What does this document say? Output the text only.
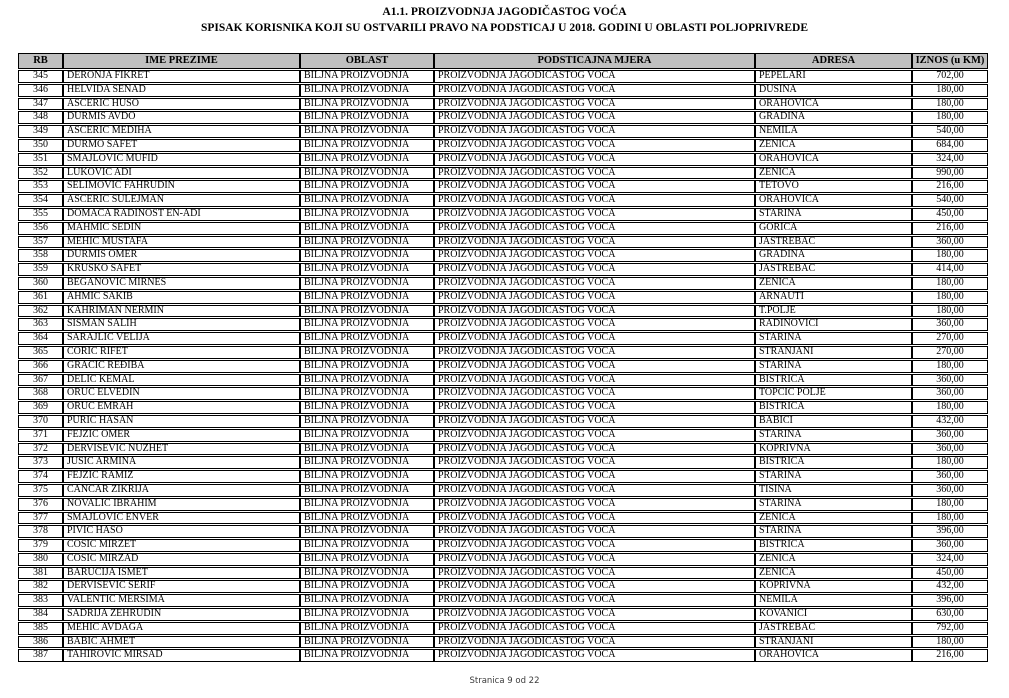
A1.1. PROIZVODNJA JAGODIČASTOG VOĆA
SPISAK KORISNIKA KOJI SU OSTVARILI PRAVO NA PODSTICAJ U 2018. GODINI U OBLASTI POLJOPRIVREDE
RB	IME PREZIME	OBLAST	PODSTICAJNA MJERA	ADRESA	IZNOS (u KM)
345	DERONJA FIKRET	BILJNA PROIZVODNJA	PROIZVODNJA JAGODIČASTOG VOĆA	PEPELARI	702,00
346	HELVIDA SENAD	BILJNA PROIZVODNJA	PROIZVODNJA JAGODIČASTOG VOĆA	DUSINA	180,00
347	AŠĆERIĆ HUSO	BILJNA PROIZVODNJA	PROIZVODNJA JAGODIČASTOG VOĆA	ORAHOVICA	180,00
348	DURMIŠ AVDO	BILJNA PROIZVODNJA	PROIZVODNJA JAGODIČASTOG VOĆA	GRADINA	180,00
349	AŠĆERIĆ MEDIHA	BILJNA PROIZVODNJA	PROIZVODNJA JAGODIČASTOG VOĆA	NEMILA	540,00
350	DURMO SAFET	BILJNA PROIZVODNJA	PROIZVODNJA JAGODIČASTOG VOĆA	ZENICA	684,00
351	SMAJLOVIĆ MUFID	BILJNA PROIZVODNJA	PROIZVODNJA JAGODIČASTOG VOĆA	ORAHOVICA	324,00
352	LUKOVIĆ ADI	BILJNA PROIZVODNJA	PROIZVODNJA JAGODIČASTOG VOĆA	ZENICA	990,00
353	SELIMOVIĆ FAHRUDIN	BILJNA PROIZVODNJA	PROIZVODNJA JAGODIČASTOG VOĆA	TETOVO	216,00
354	AŠĆERIĆ SULEJMAN	BILJNA PROIZVODNJA	PROIZVODNJA JAGODIČASTOG VOĆA	ORAHOVICA	540,00
355	DOMAĆA RADINOST EN-ADI	BILJNA PROIZVODNJA	PROIZVODNJA JAGODIČASTOG VOĆA	STARINA	450,00
356	MAHMIĆ SEDIN	BILJNA PROIZVODNJA	PROIZVODNJA JAGODIČASTOG VOĆA	GORICA	216,00
357	MEHIĆ MUSTAFA	BILJNA PROIZVODNJA	PROIZVODNJA JAGODIČASTOG VOĆA	JASTREBAC	360,00
358	DURMIŠ OMER	BILJNA PROIZVODNJA	PROIZVODNJA JAGODIČASTOG VOĆA	GRADINA	180,00
359	KRUŠKO SAFET	BILJNA PROIZVODNJA	PROIZVODNJA JAGODIČASTOG VOĆA	JASTREBAC	414,00
360	BEGANOVIĆ MIRNES	BILJNA PROIZVODNJA	PROIZVODNJA JAGODIČASTOG VOĆA	ZENICA	180,00
361	AHMIĆ SAKIB	BILJNA PROIZVODNJA	PROIZVODNJA JAGODIČASTOG VOĆA	ARNAUTI	180,00
362	KAHRIMAN NERMIN	BILJNA PROIZVODNJA	PROIZVODNJA JAGODIČASTOG VOĆA	T.POLJE	180,00
363	ŠIŠMAN SALIH	BILJNA PROIZVODNJA	PROIZVODNJA JAGODIČASTOG VOĆA	RADINOVIĆI	360,00
364	SARAJLIĆ VELIJA	BILJNA PROIZVODNJA	PROIZVODNJA JAGODIČASTOG VOĆA	STARINA	270,00
365	ĆORIĆ RIFET	BILJNA PROIZVODNJA	PROIZVODNJA JAGODIČASTOG VOĆA	STRANJANI	270,00
366	GRAČIĆ REĐIBA	BILJNA PROIZVODNJA	PROIZVODNJA JAGODIČASTOG VOĆA	STARINA	180,00
367	DELIĆ KEMAL	BILJNA PROIZVODNJA	PROIZVODNJA JAGODIČASTOG VOĆA	BISTRICA	360,00
368	ORUĆ ELVEDIN	BILJNA PROIZVODNJA	PROIZVODNJA JAGODIČASTOG VOĆA	TOPČIĆ POLJE	360,00
369	ORUĆ EMRAH	BILJNA PROIZVODNJA	PROIZVODNJA JAGODIČASTOG VOĆA	BISTRICA	180,00
370	PURIĆ HASAN	BILJNA PROIZVODNJA	PROIZVODNJA JAGODIČASTOG VOĆA	BABIĆI	432,00
371	FEJZIĆ OMER	BILJNA PROIZVODNJA	PROIZVODNJA JAGODIČASTOG VOĆA	STARINA	360,00
372	DERVIŠEVIĆ NUZHET	BILJNA PROIZVODNJA	PROIZVODNJA JAGODIČASTOG VOĆA	KOPRIVNA	360,00
373	JUSIĆ ARMINA	BILJNA PROIZVODNJA	PROIZVODNJA JAGODIČASTOG VOĆA	BISTRICA	180,00
374	FEJZIĆ RAMIZ	BILJNA PROIZVODNJA	PROIZVODNJA JAGODIČASTOG VOĆA	STARINA	360,00
375	ČANČAR ZIKRIJA	BILJNA PROIZVODNJA	PROIZVODNJA JAGODIČASTOG VOĆA	TIŠINA	360,00
376	NOVALIĆ IBRAHIM	BILJNA PROIZVODNJA	PROIZVODNJA JAGODIČASTOG VOĆA	STARINA	180,00
377	SMAJLOVIĆ ENVER	BILJNA PROIZVODNJA	PROIZVODNJA JAGODIČASTOG VOĆA	ZENICA	180,00
378	PIVIĆ HASO	BILJNA PROIZVODNJA	PROIZVODNJA JAGODIČASTOG VOĆA	STARINA	396,00
379	ĆOSIĆ MIRZET	BILJNA PROIZVODNJA	PROIZVODNJA JAGODIČASTOG VOĆA	BISTRICA	360,00
380	ĆOSIĆ MIRZAD	BILJNA PROIZVODNJA	PROIZVODNJA JAGODIČASTOG VOĆA	ZENICA	324,00
381	BARUČIJA ISMET	BILJNA PROIZVODNJA	PROIZVODNJA JAGODIČASTOG VOĆA	ZENICA	450,00
382	DERVIŠEVIĆ ŠERIF	BILJNA PROIZVODNJA	PROIZVODNJA JAGODIČASTOG VOĆA	KOPRIVNA	432,00
383	VALENTIĆ MERSIMA	BILJNA PROIZVODNJA	PROIZVODNJA JAGODIČASTOG VOĆA	NEMILA	396,00
384	SADRIJA ZEHRUDIN	BILJNA PROIZVODNJA	PROIZVODNJA JAGODIČASTOG VOĆA	KOVANIĆI	630,00
385	MEHIĆ AVDAGA	BILJNA PROIZVODNJA	PROIZVODNJA JAGODIČASTOG VOĆA	JASTREBAC	792,00
386	BABIĆ AHMET	BILJNA PROIZVODNJA	PROIZVODNJA JAGODIČASTOG VOĆA	STRANJANI	180,00
387	TAHIROVIĆ MIRSAD	BILJNA PROIZVODNJA	PROIZVODNJA JAGODIČASTOG VOĆA	ORAHOVICA	216,00
Stranica 9 od 22
